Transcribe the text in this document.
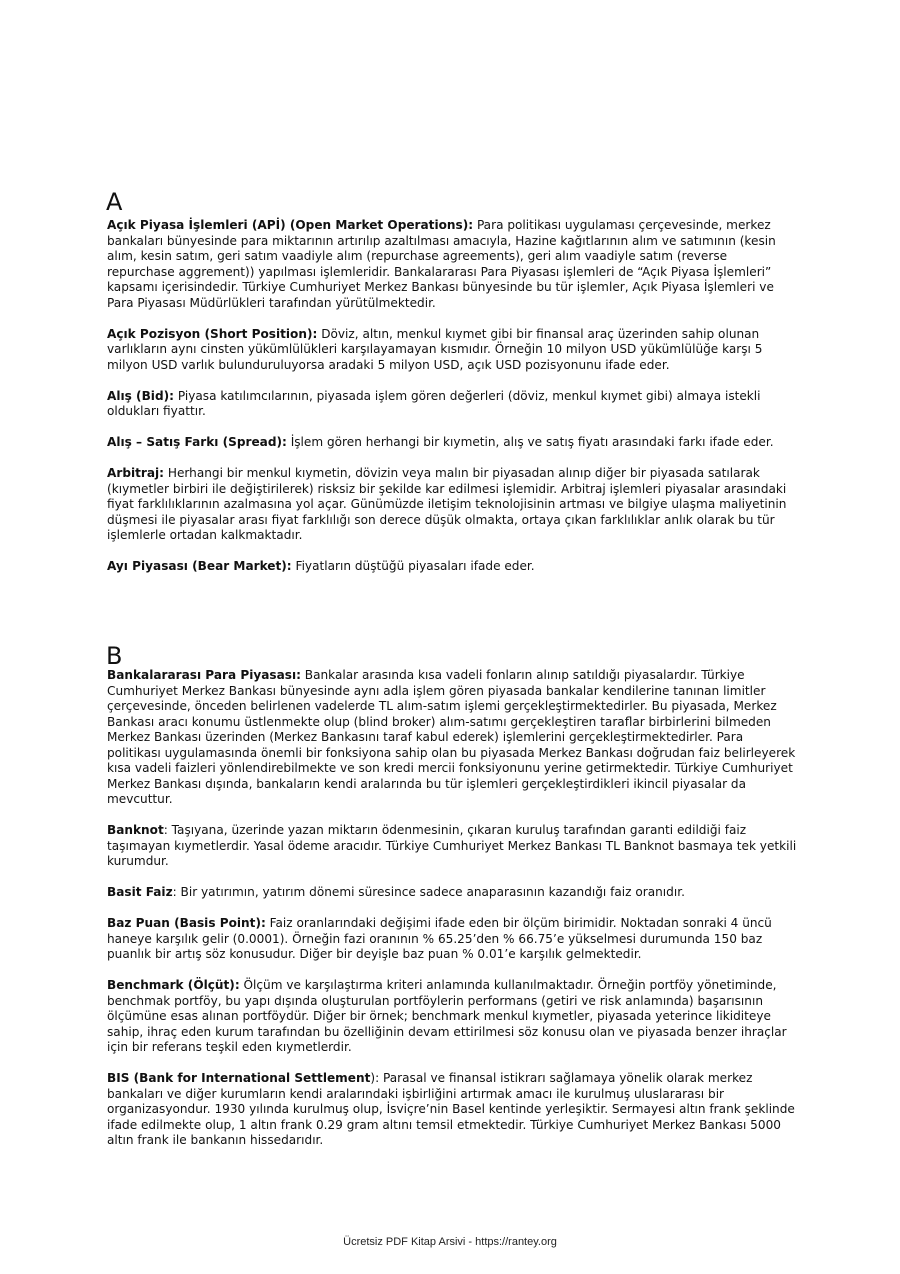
A

Açık Piyasa İşlemleri (APİ) (Open Market Operations): Para politikası uygulaması çerçevesinde, merkez bankaları bünyesinde para miktarının artırılıp azaltılması amacıyla, Hazine kağıtlarının alım ve satımının (kesin alım, kesin satım, geri satım vaadiyle alım (repurchase agreements), geri alım vaadiyle satım (reverse repurchase aggrement)) yapılması işlemleridir. Bankalararası Para Piyasası işlemleri de “Açık Piyasa İşlemleri” kapsamı içerisindedir. Türkiye Cumhuriyet Merkez Bankası bünyesinde bu tür işlemler, Açık Piyasa İşlemleri ve Para Piyasası Müdürlükleri tarafından yürütülmektedir.

Açık Pozisyon (Short Position): Döviz, altın, menkul kıymet gibi bir finansal araç üzerinden sahip olunan varlıkların aynı cinsten yükümlülükleri karşılayamayan kısmıdır. Örneğin 10 milyon USD yükümlülüğe karşı 5 milyon USD varlık bulunduruluyorsa aradaki 5 milyon USD, açık USD pozisyonunu ifade eder.

Alış (Bid): Piyasa katılımcılarının, piyasada işlem gören değerleri (döviz, menkul kıymet gibi) almaya istekli oldukları fiyattır.

Alış – Satış Farkı (Spread): İşlem gören herhangi bir kıymetin, alış ve satış fiyatı arasındaki farkı ifade eder.

Arbitraj: Herhangi bir menkul kıymetin, dövizin veya malın bir piyasadan alınıp diğer bir piyasada satılarak (kıymetler birbiri ile değiştirilerek) risksiz bir şekilde kar edilmesi işlemidir. Arbitraj işlemleri piyasalar arasındaki fiyat farklılıklarının azalmasına yol açar. Günümüzde iletişim teknolojisinin artması ve bilgiye ulaşma maliyetinin düşmesi ile piyasalar arası fiyat farklılığı son derece düşük olmakta, ortaya çıkan farklılıklar anlık olarak bu tür işlemlerle ortadan kalkmaktadır.

Ayı Piyasası (Bear Market): Fiyatların düştüğü piyasaları ifade eder.

B

Bankalararası Para Piyasası: Bankalar arasında kısa vadeli fonların alınıp satıldığı piyasalardır. Türkiye Cumhuriyet Merkez Bankası bünyesinde aynı adla işlem gören piyasada bankalar kendilerine tanınan limitler çerçevesinde, önceden belirlenen vadelerde TL alım-satım işlemi gerçekleştirmektedirler. Bu piyasada, Merkez Bankası aracı konumu üstlenmekte olup (blind broker) alım-satımı gerçekleştiren taraflar birbirlerini bilmeden Merkez Bankası üzerinden (Merkez Bankasını taraf kabul ederek) işlemlerini gerçekleştirmektedirler. Para politikası uygulamasında önemli bir fonksiyona sahip olan bu piyasada Merkez Bankası doğrudan faiz belirleyerek kısa vadeli faizleri yönlendirebilmekte ve son kredi mercii fonksiyonunu yerine getirmektedir. Türkiye Cumhuriyet Merkez Bankası dışında, bankaların kendi aralarında bu tür işlemleri gerçekleştirdikleri ikincil piyasalar da mevcuttur.

Banknot: Taşıyana, üzerinde yazan miktarın ödenmesinin, çıkaran kuruluş tarafından garanti edildiği faiz taşımayan kıymetlerdir. Yasal ödeme aracıdır. Türkiye Cumhuriyet Merkez Bankası TL Banknot basmaya tek yetkili kurumdur.

Basit Faiz: Bir yatırımın, yatırım dönemi süresince sadece anaparasının kazandığı faiz oranıdır.

Baz Puan (Basis Point): Faiz oranlarındaki değişimi ifade eden bir ölçüm birimidir. Noktadan sonraki 4 üncü haneye karşılık gelir (0.0001). Örneğin fazi oranının % 65.25’den % 66.75’e yükselmesi durumunda 150 baz puanlık bir artış söz konusudur. Diğer bir deyişle baz puan % 0.01’e karşılık gelmektedir.

Benchmark (Ölçüt): Ölçüm ve karşılaştırma kriteri anlamında kullanılmaktadır. Örneğin portföy yönetiminde, benchmak portföy, bu yapı dışında oluşturulan portföylerin performans (getiri ve risk anlamında) başarısının ölçümüne esas alınan portföydür. Diğer bir örnek; benchmark menkul kıymetler, piyasada yeterince likiditeye sahip, ihraç eden kurum tarafından bu özelliğinin devam ettirilmesi söz konusu olan ve piyasada benzer ihraçlar için bir referans teşkil eden kıymetlerdir.

BIS (Bank for International Settlement): Parasal ve finansal istikrarı sağlamaya yönelik olarak merkez bankaları ve diğer kurumların kendi aralarındaki işbirliğini artırmak amacı ile kurulmuş uluslararası bir organizasyondur. 1930 yılında kurulmuş olup, İsviçre’nin Basel kentinde yerleşiktir. Sermayesi altın frank şeklinde ifade edilmekte olup, 1 altın frank 0.29 gram altını temsil etmektedir. Türkiye Cumhuriyet Merkez Bankası 5000 altın frank ile bankanın hissedarıdır.

Ücretsiz PDF Kitap Arsivi - https://rantey.org
